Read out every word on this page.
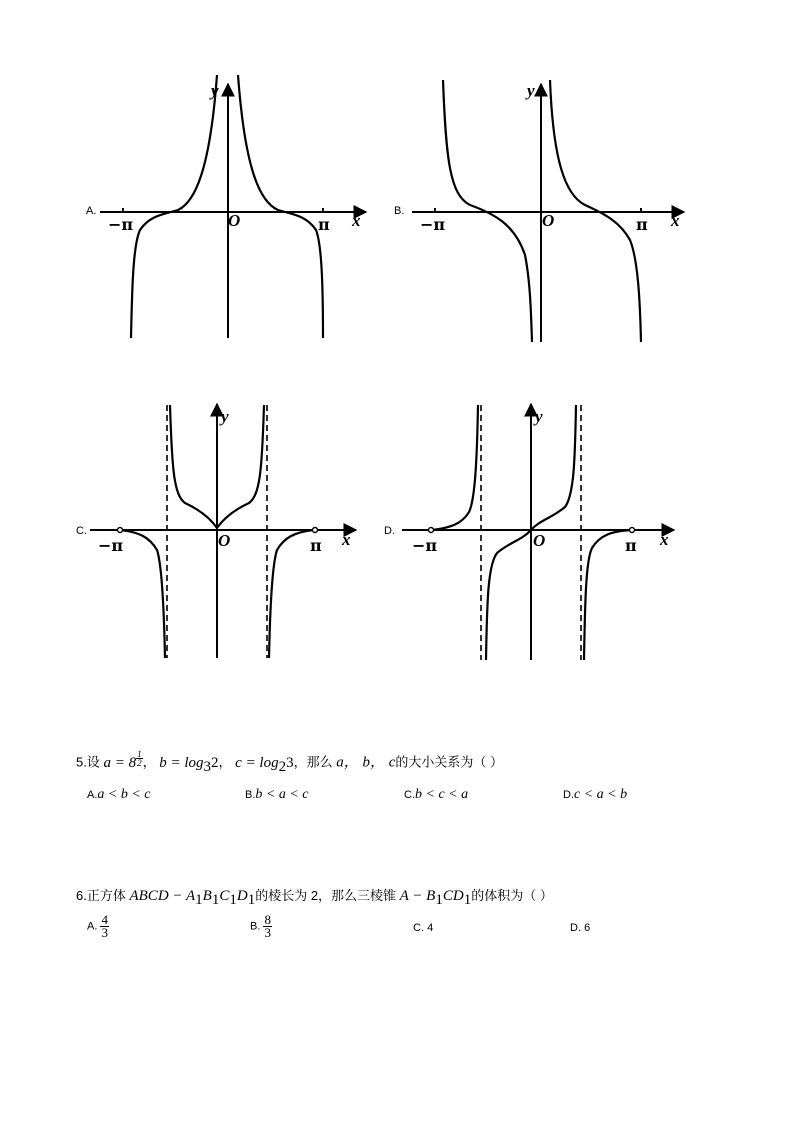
y
x
O
−π	π
y
x
O
−π	π
y
x
O
−π	π
y
x
O
−π	π
A.	B.
C.	D.
5.设 a = 8 $^{\frac{1}{2}}$ ， $b = \log_32$， $c = \log_23$，那么 a， b， c的大小关系为（ ）
A.a < b < c	B.b < a < c	C.b < c < a	D.c < a < b
6.正方体 ABCD − $A_1B_1C_1D_1$的棱长为 2，那么三棱锥 $A - B_1CD_1$的体积为（ ）
A. $\frac{4}{3}$	B. $\frac{8}{3}$	C. 4	D. 6
